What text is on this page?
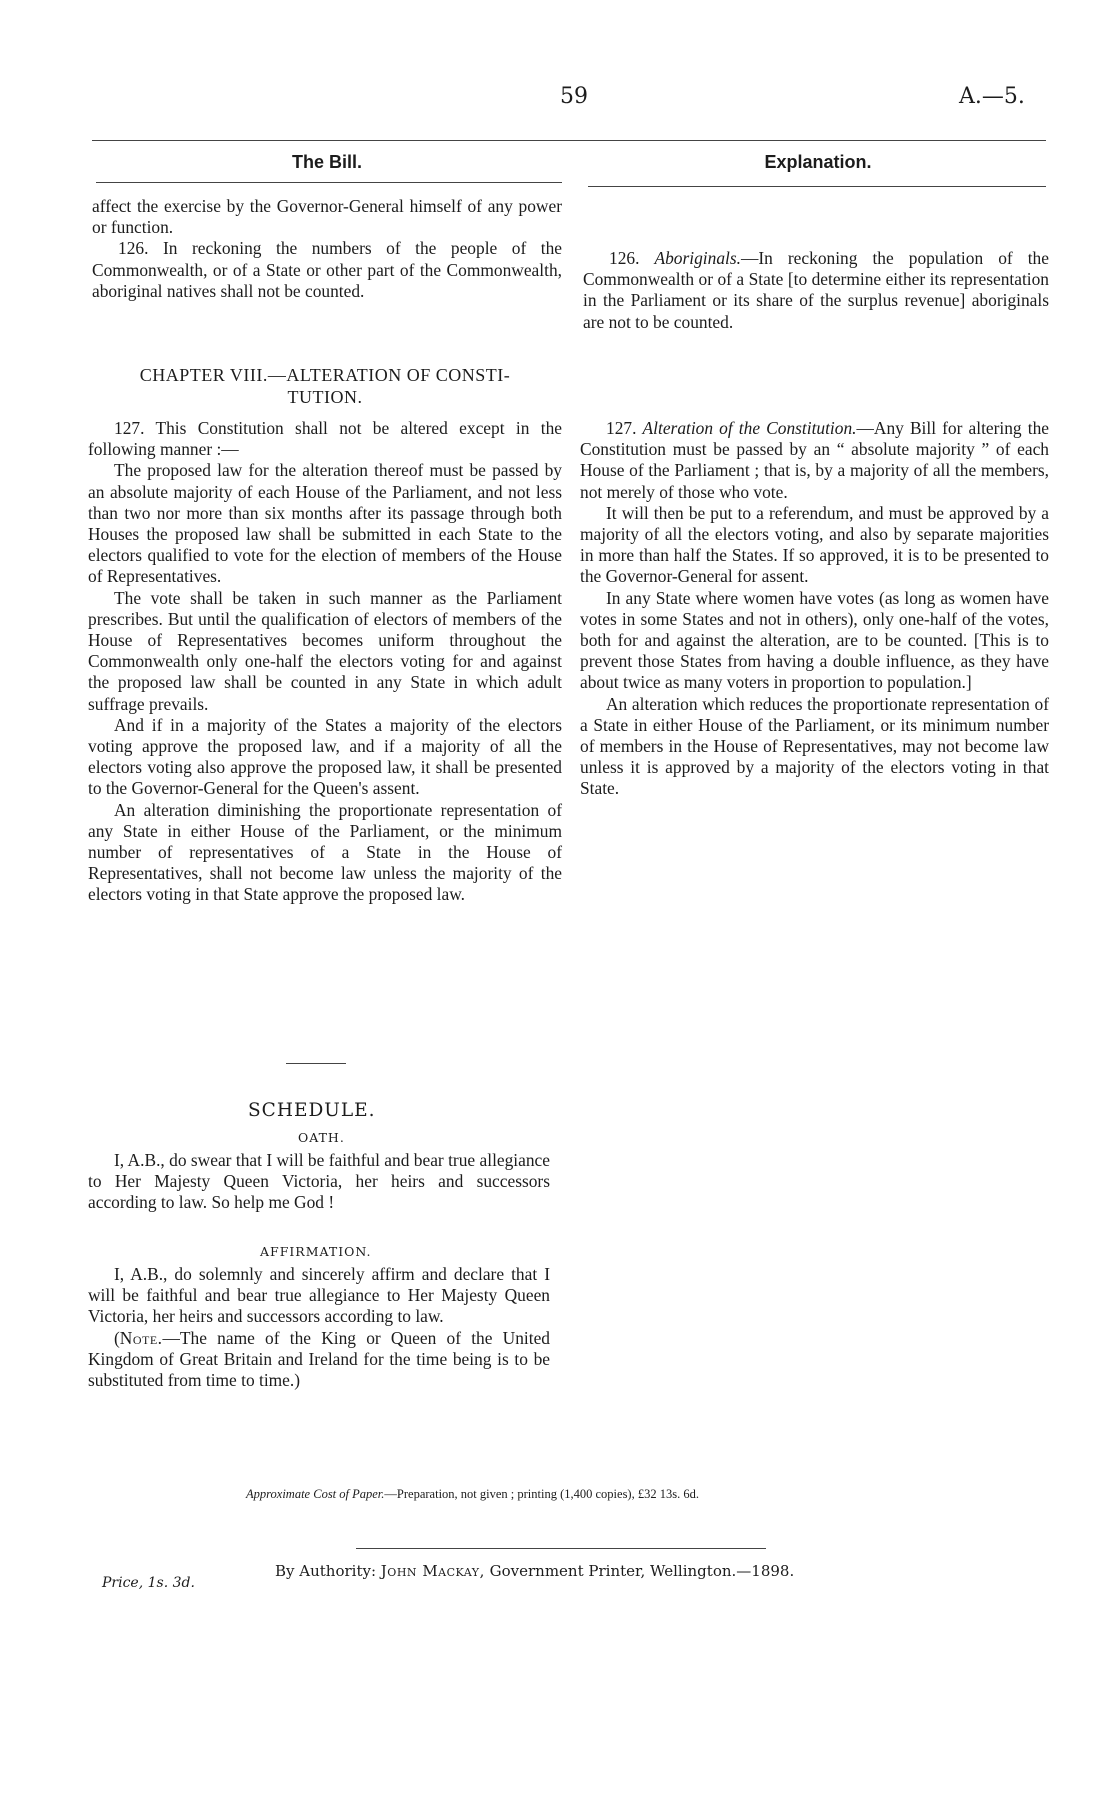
59	A.—5.
The Bill.	Explanation.

affect the exercise by the Governor-General himself of any power or function.

126. In reckoning the numbers of the people of the Commonwealth, or of a State or other part of the Commonwealth, aboriginal natives shall not be counted.

CHAPTER VIII.—ALTERATION OF CONSTI-

TUTION.

127. This Constitution shall not be altered except in the following manner :—

The proposed law for the alteration thereof must be passed by an absolute majority of each House of the Parliament, and not less than two nor more than six months after its passage through both Houses the proposed law shall be submitted in each State to the electors qualified to vote for the election of members of the House of Representatives.

The vote shall be taken in such manner as the Parliament prescribes. But until the qualification of electors of members of the House of Representatives becomes uniform throughout the Commonwealth only one-half the electors voting for and against the proposed law shall be counted in any State in which adult suffrage prevails.

And if in a majority of the States a majority of the electors voting approve the proposed law, and if a majority of all the electors voting also approve the proposed law, it shall be presented to the Governor-General for the Queen's assent.

An alteration diminishing the proportionate representation of any State in either House of the Parliament, or the minimum number of representatives of a State in the House of Representatives, shall not become law unless the majority of the electors voting in that State approve the proposed law.

126. Aboriginals.—In reckoning the population of the Commonwealth or of a State [to determine either its representation in the Parliament or its share of the surplus revenue] aboriginals are not to be counted.

127. Alteration of the Constitution.—Any Bill for altering the Constitution must be passed by an “ absolute majority ” of each House of the Parliament ; that is, by a majority of all the members, not merely of those who vote.

It will then be put to a referendum, and must be approved by a majority of all the electors voting, and also by separate majorities in more than half the States. If so approved, it is to be presented to the Governor-General for assent.

In any State where women have votes (as long as women have votes in some States and not in others), only one-half of the votes, both for and against the alteration, are to be counted. [This is to prevent those States from having a double influence, as they have about twice as many voters in proportion to population.]

An alteration which reduces the proportionate representation of a State in either House of the Parliament, or its minimum number of members in the House of Representatives, may not become law unless it is approved by a majority of the electors voting in that State.

SCHEDULE.
OATH.

I, A.B., do swear that I will be faithful and bear true allegiance to Her Majesty Queen Victoria, her heirs and successors according to law. So help me God !

AFFIRMATION.

I, A.B., do solemnly and sincerely affirm and declare that I will be faithful and bear true allegiance to Her Majesty Queen Victoria, her heirs and successors according to law.

(Note.—The name of the King or Queen of the United Kingdom of Great Britain and Ireland for the time being is to be substituted from time to time.)

Approximate Cost of Paper.—Preparation, not given ; printing (1,400 copies), £32 13s. 6d.
By Authority: John Mackay, Government Printer, Wellington.—1898.
Price, 1s. 3d.
